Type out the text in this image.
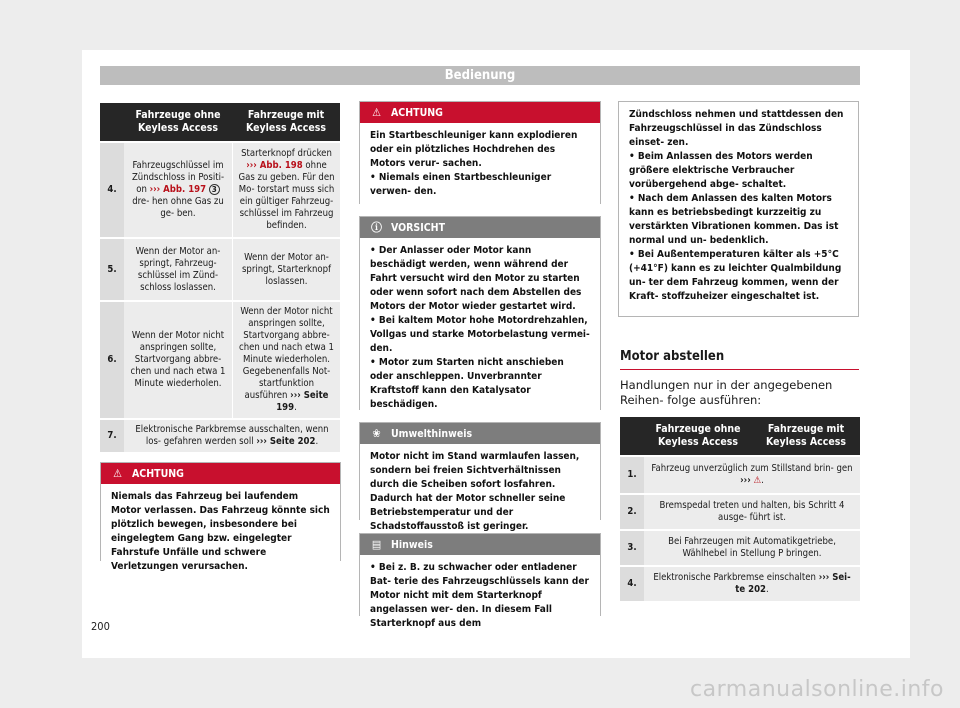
Bedienung
	Fahrzeuge ohne Keyless Access	Fahrzeuge mit Keyless Access
4.	Fahrzeugschlüssel im Zündschloss in Positi- on ››› Abb. 197 3 dre- hen ohne Gas zu ge- ben.	Starterknopf drücken ››› Abb. 198 ohne Gas zu geben. Für den Mo- torstart muss sich ein gültiger Fahrzeug- schlüssel im Fahrzeug befinden.
5.	Wenn der Motor an- springt, Fahrzeug- schlüssel im Zünd- schloss loslassen.	Wenn der Motor an- springt, Starterknopf loslassen.
6.	Wenn der Motor nicht anspringen sollte, Startvorgang abbre- chen und nach etwa 1 Minute wiederholen.	Wenn der Motor nicht anspringen sollte, Startvorgang abbre- chen und nach etwa 1 Minute wiederholen. Gegebenenfalls Not- startfunktion ausführen ››› Seite 199.
7.	Elektronische Parkbremse ausschalten, wenn los- gefahren werden soll ››› Seite 202.	
⚠ ACHTUNG
Niemals das Fahrzeug bei laufendem Motor verlassen. Das Fahrzeug könnte sich plötzlich bewegen, insbesondere bei eingelegtem Gang bzw. eingelegter Fahrstufe Unfälle und schwere Verletzungen verursachen.
⚠ ACHTUNG
Ein Startbeschleuniger kann explodieren oder ein plötzliches Hochdrehen des Motors verur- sachen.
• Niemals einen Startbeschleuniger verwen- den.
ⓘ VORSICHT
• Der Anlasser oder Motor kann beschädigt werden, wenn während der Fahrt versucht wird den Motor zu starten oder wenn sofort nach dem Abstellen des Motors der Motor wieder gestartet wird.
• Bei kaltem Motor hohe Motordrehzahlen, Vollgas und starke Motorbelastung vermei- den.
• Motor zum Starten nicht anschieben oder anschleppen. Unverbrannter Kraftstoff kann den Katalysator beschädigen.
❀ Umwelthinweis
Motor nicht im Stand warmlaufen lassen, sondern bei freien Sichtverhältnissen durch die Scheiben sofort losfahren. Dadurch hat der Motor schneller seine Betriebstemperatur und der Schadstoffausstoß ist geringer.
▤ Hinweis
• Bei z. B. zu schwacher oder entladener Bat- terie des Fahrzeugschlüssels kann der Motor nicht mit dem Starterknopf angelassen wer- den. In diesem Fall Starterknopf aus dem
Zündschloss nehmen und stattdessen den Fahrzeugschlüssel in das Zündschloss einset- zen.
• Beim Anlassen des Motors werden größere elektrische Verbraucher vorübergehend abge- schaltet.
• Nach dem Anlassen des kalten Motors kann es betriebsbedingt kurzzeitig zu verstärkten Vibrationen kommen. Das ist normal und un- bedenklich.
• Bei Außentemperaturen kälter als +5°C (+41°F) kann es zu leichter Qualmbildung un- ter dem Fahrzeug kommen, wenn der Kraft- stoffzuheizer eingeschaltet ist.
Motor abstellen
Handlungen nur in der angegebenen Reihen- folge ausführen:
	Fahrzeuge ohne Keyless Access	Fahrzeuge mit Keyless Access
1.	Fahrzeug unverzüglich zum Stillstand brin- gen ››› ⚠.	
2.	Bremspedal treten und halten, bis Schritt 4 ausge- führt ist.	
3.	Bei Fahrzeugen mit Automatikgetriebe, Wählhebel in Stellung P bringen.	
4.	Elektronische Parkbremse einschalten ››› Sei- te 202.	
200
carmanualsonline.info
